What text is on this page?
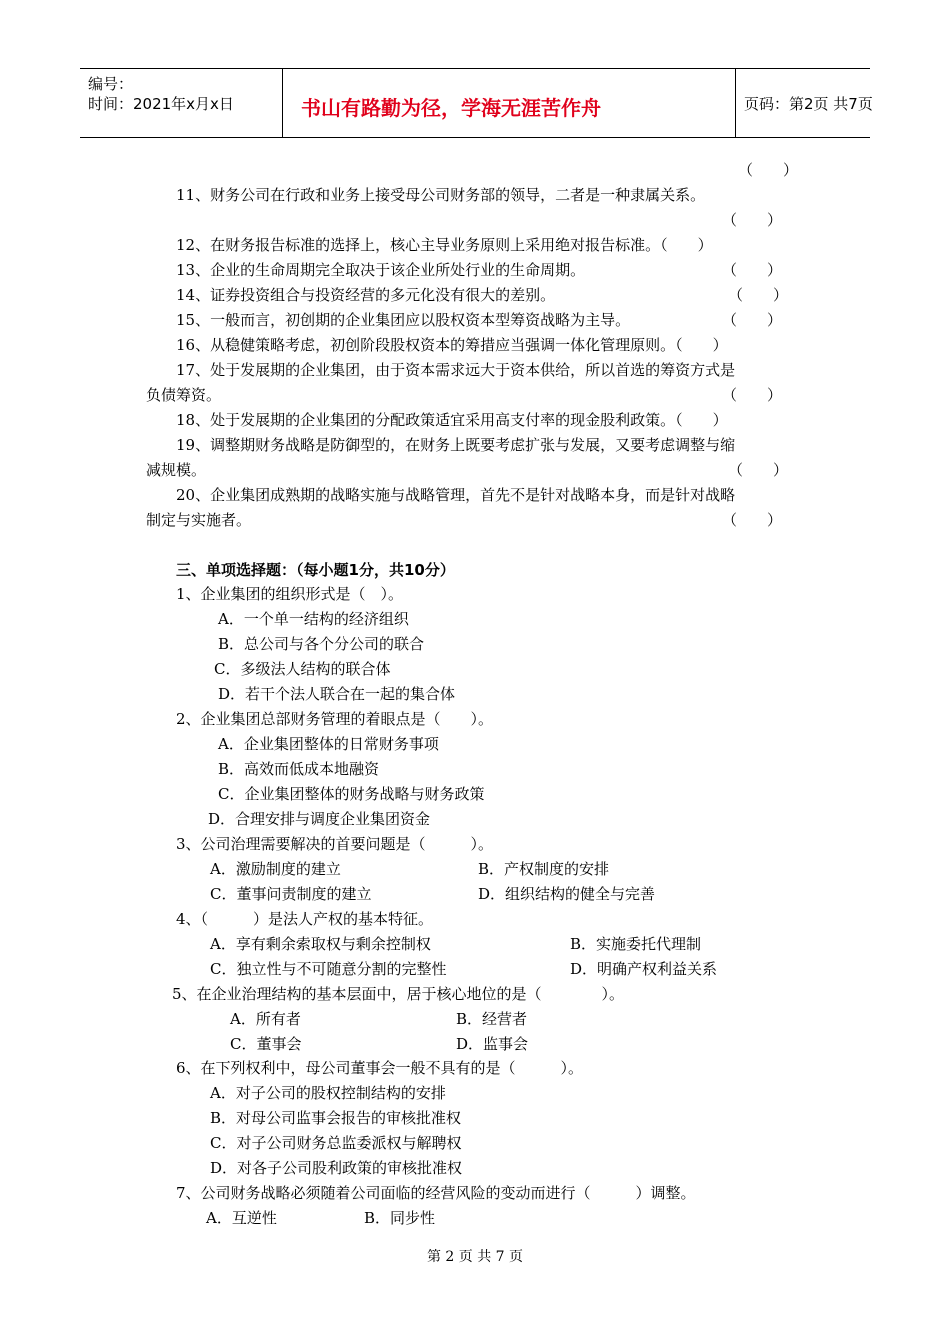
编号：
时间：2021年x月x日	书山有路勤为径，学海无涯苦作舟	页码：第2页 共7页
（　　）
11、财务公司在行政和业务上接受母公司财务部的领导，二者是一种隶属关系。
（　　）
12、在财务报告标准的选择上，核心主导业务原则上采用绝对报告标准。（　　）
13、企业的生命周期完全取决于该企业所处行业的生命周期。	（　　）
14、证券投资组合与投资经营的多元化没有很大的差别。	（　　）
15、一般而言，初创期的企业集团应以股权资本型筹资战略为主导。	（　　）
16、从稳健策略考虑，初创阶段股权资本的筹措应当强调一体化管理原则。（　　）
17、处于发展期的企业集团，由于资本需求远大于资本供给，所以首选的筹资方式是
负债筹资。	（　　）
18、处于发展期的企业集团的分配政策适宜采用高支付率的现金股利政策。（　　）
19、调整期财务战略是防御型的，在财务上既要考虑扩张与发展，又要考虑调整与缩
减规模。	（　　）
20、企业集团成熟期的战略实施与战略管理，首先不是针对战略本身，而是针对战略
制定与实施者。	（　　）
三、单项选择题：（每小题1分，共10分）
1、企业集团的组织形式是（　）。
A．一个单一结构的经济组织
B．总公司与各个分公司的联合
C．多级法人结构的联合体
D．若干个法人联合在一起的集合体
2、企业集团总部财务管理的着眼点是（　　）。
A．企业集团整体的日常财务事项
B．高效而低成本地融资
C．企业集团整体的财务战略与财务政策
D．合理安排与调度企业集团资金
3、公司治理需要解决的首要问题是（　　　）。
A．激励制度的建立	B．产权制度的安排
C．董事问责制度的建立	D．组织结构的健全与完善
4、（　　　）是法人产权的基本特征。
A．享有剩余索取权与剩余控制权	B．实施委托代理制
C．独立性与不可随意分割的完整性	D．明确产权利益关系
5、在企业治理结构的基本层面中，居于核心地位的是（　　　　）。
A．所有者	B．经营者
C．董事会	D．监事会
6、在下列权利中，母公司董事会一般不具有的是（　　　）。
A．对子公司的股权控制结构的安排
B．对母公司监事会报告的审核批准权
C．对子公司财务总监委派权与解聘权
D．对各子公司股利政策的审核批准权
7、公司财务战略必须随着公司面临的经营风险的变动而进行（　　　）调整。
A．互逆性	B．同步性
第 2 页 共 7 页
